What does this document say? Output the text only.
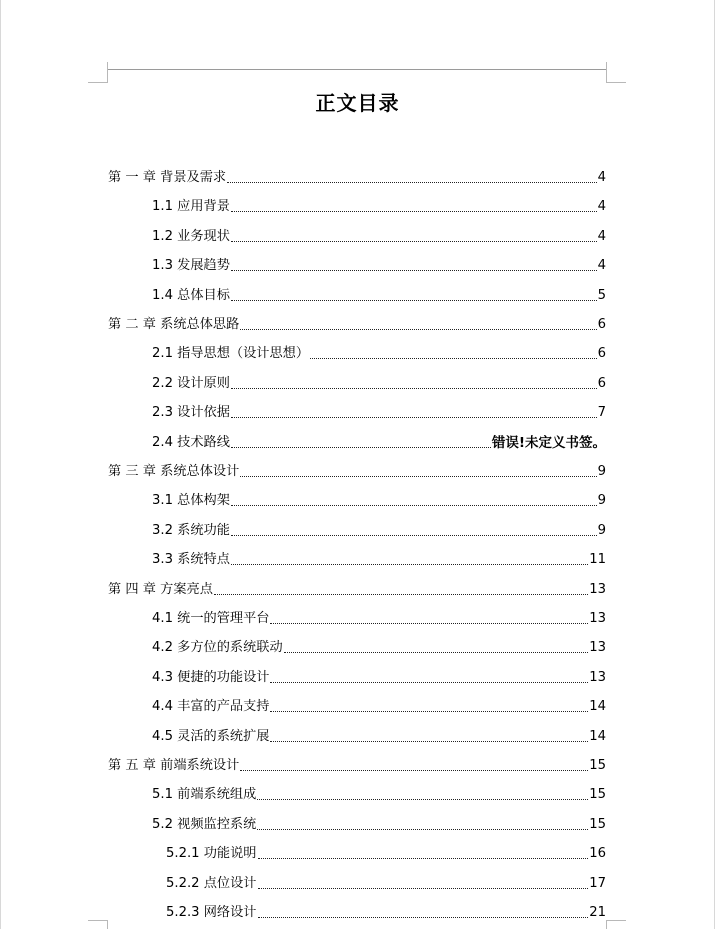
正文目录
第 一 章 背景及需求	4
1.1 应用背景	4
1.2 业务现状	4
1.3 发展趋势	4
1.4 总体目标	5
第 二 章 系统总体思路	6
2.1 指导思想（设计思想）	6
2.2 设计原则	6
2.3 设计依据	7
2.4 技术路线	错误!未定义书签。
第 三 章 系统总体设计	9
3.1 总体构架	9
3.2 系统功能	9
3.3 系统特点	11
第 四 章 方案亮点	13
4.1 统一的管理平台	13
4.2 多方位的系统联动	13
4.3 便捷的功能设计	13
4.4 丰富的产品支持	14
4.5 灵活的系统扩展	14
第 五 章 前端系统设计	15
5.1 前端系统组成	15
5.2 视频监控系统	15
5.2.1 功能说明	16
5.2.2 点位设计	17
5.2.3 网络设计	21
